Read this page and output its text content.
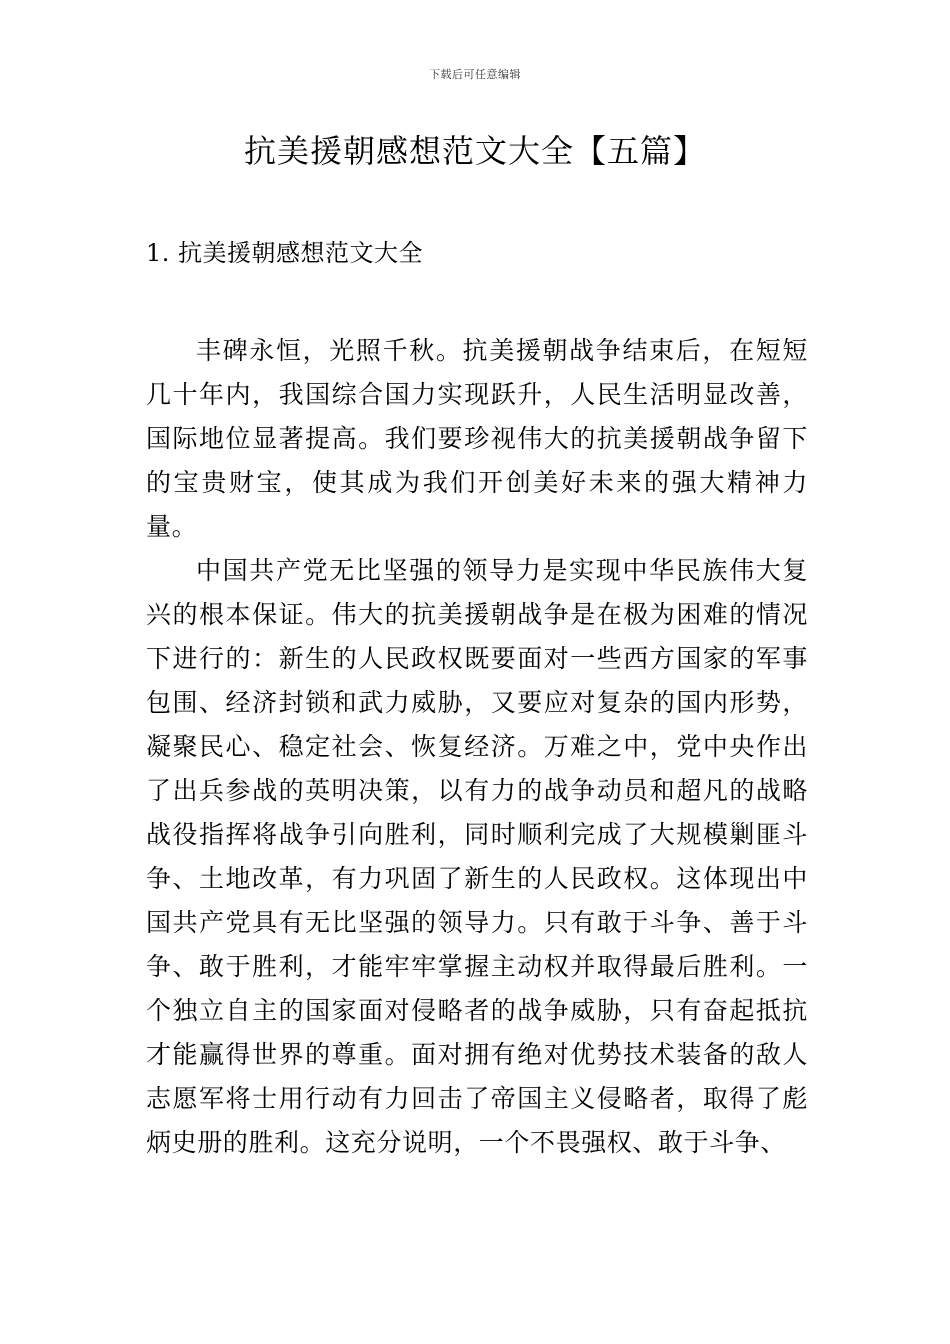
下载后可任意编辑
抗美援朝感想范文大全【五篇】
1. 抗美援朝感想范文大全

丰碑永恒，光照千秋。抗美援朝战争结束后，在短短几十年内，我国综合国力实现跃升，人民生活明显改善，国际地位显著提高。我们要珍视伟大的抗美援朝战争留下的宝贵财宝，使其成为我们开创美好未来的强大精神力量。

中国共产党无比坚强的领导力是实现中华民族伟大复兴的根本保证。伟大的抗美援朝战争是在极为困难的情况下进行的：新生的人民政权既要面对一些西方国家的军事包围、经济封锁和武力威胁，又要应对复杂的国内形势，凝聚民心、稳定社会、恢复经济。万难之中，党中央作出了出兵参战的英明决策，以有力的战争动员和超凡的战略战役指挥将战争引向胜利，同时顺利完成了大规模剿匪斗争、土地改革，有力巩固了新生的人民政权。这体现出中国共产党具有无比坚强的领导力。只有敢于斗争、善于斗争、敢于胜利，才能牢牢掌握主动权并取得最后胜利。一个独立自主的国家面对侵略者的战争威胁，只有奋起抵抗才能赢得世界的尊重。面对拥有绝对优势技术装备的敌人志愿军将士用行动有力回击了帝国主义侵略者，取得了彪炳史册的胜利。这充分说明，一个不畏强权、敢于斗争、
